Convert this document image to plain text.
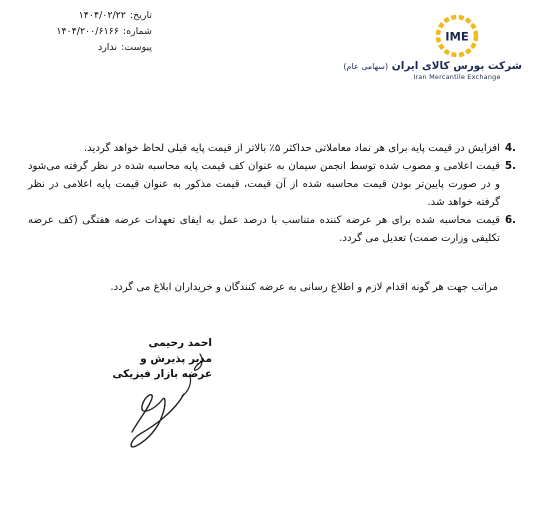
تاریخ:
۱۴۰۴/۰۲/۲۲
شماره:
۱۴۰۴/۲۰۰/۶۱۶۶
پیوست:
ندارد
IME
شرکت بورس کالای ایران (سهامی عام)
Iran Mercantile Exchange
.4
افزایش در قیمت پایه برای هر نماد معاملاتی حداکثر ۵٪ بالاتر از قیمت پایه قبلی لحاظ خواهد گردید.
.5
قیمت اعلامی و مصوب شده توسط انجمن سیمان به عنوان کف قیمت پایه محاسبه شده در نظر گرفته می‌شود و در صورت پایین‌تر بودن قیمت محاسبه شده از آن قیمت، قیمت مذکور به عنوان قیمت پایه اعلامی در نظر گرفته خواهد شد.
.6
قیمت محاسبه شده برای هر عرضه کننده متناسب با درصد عمل به ایفای تعهدات عرضه هفتگی (کف عرضه تکلیفی وزارت صمت) تعدیل می گردد.
مراتب جهت هر گونه اقدام لازم و اطلاع رسانی به عرضه کنندگان و خریداران ابلاغ می گردد.
احمد رحیمی
مدیر پذیرش و
عرضه بازار فیزیکی
